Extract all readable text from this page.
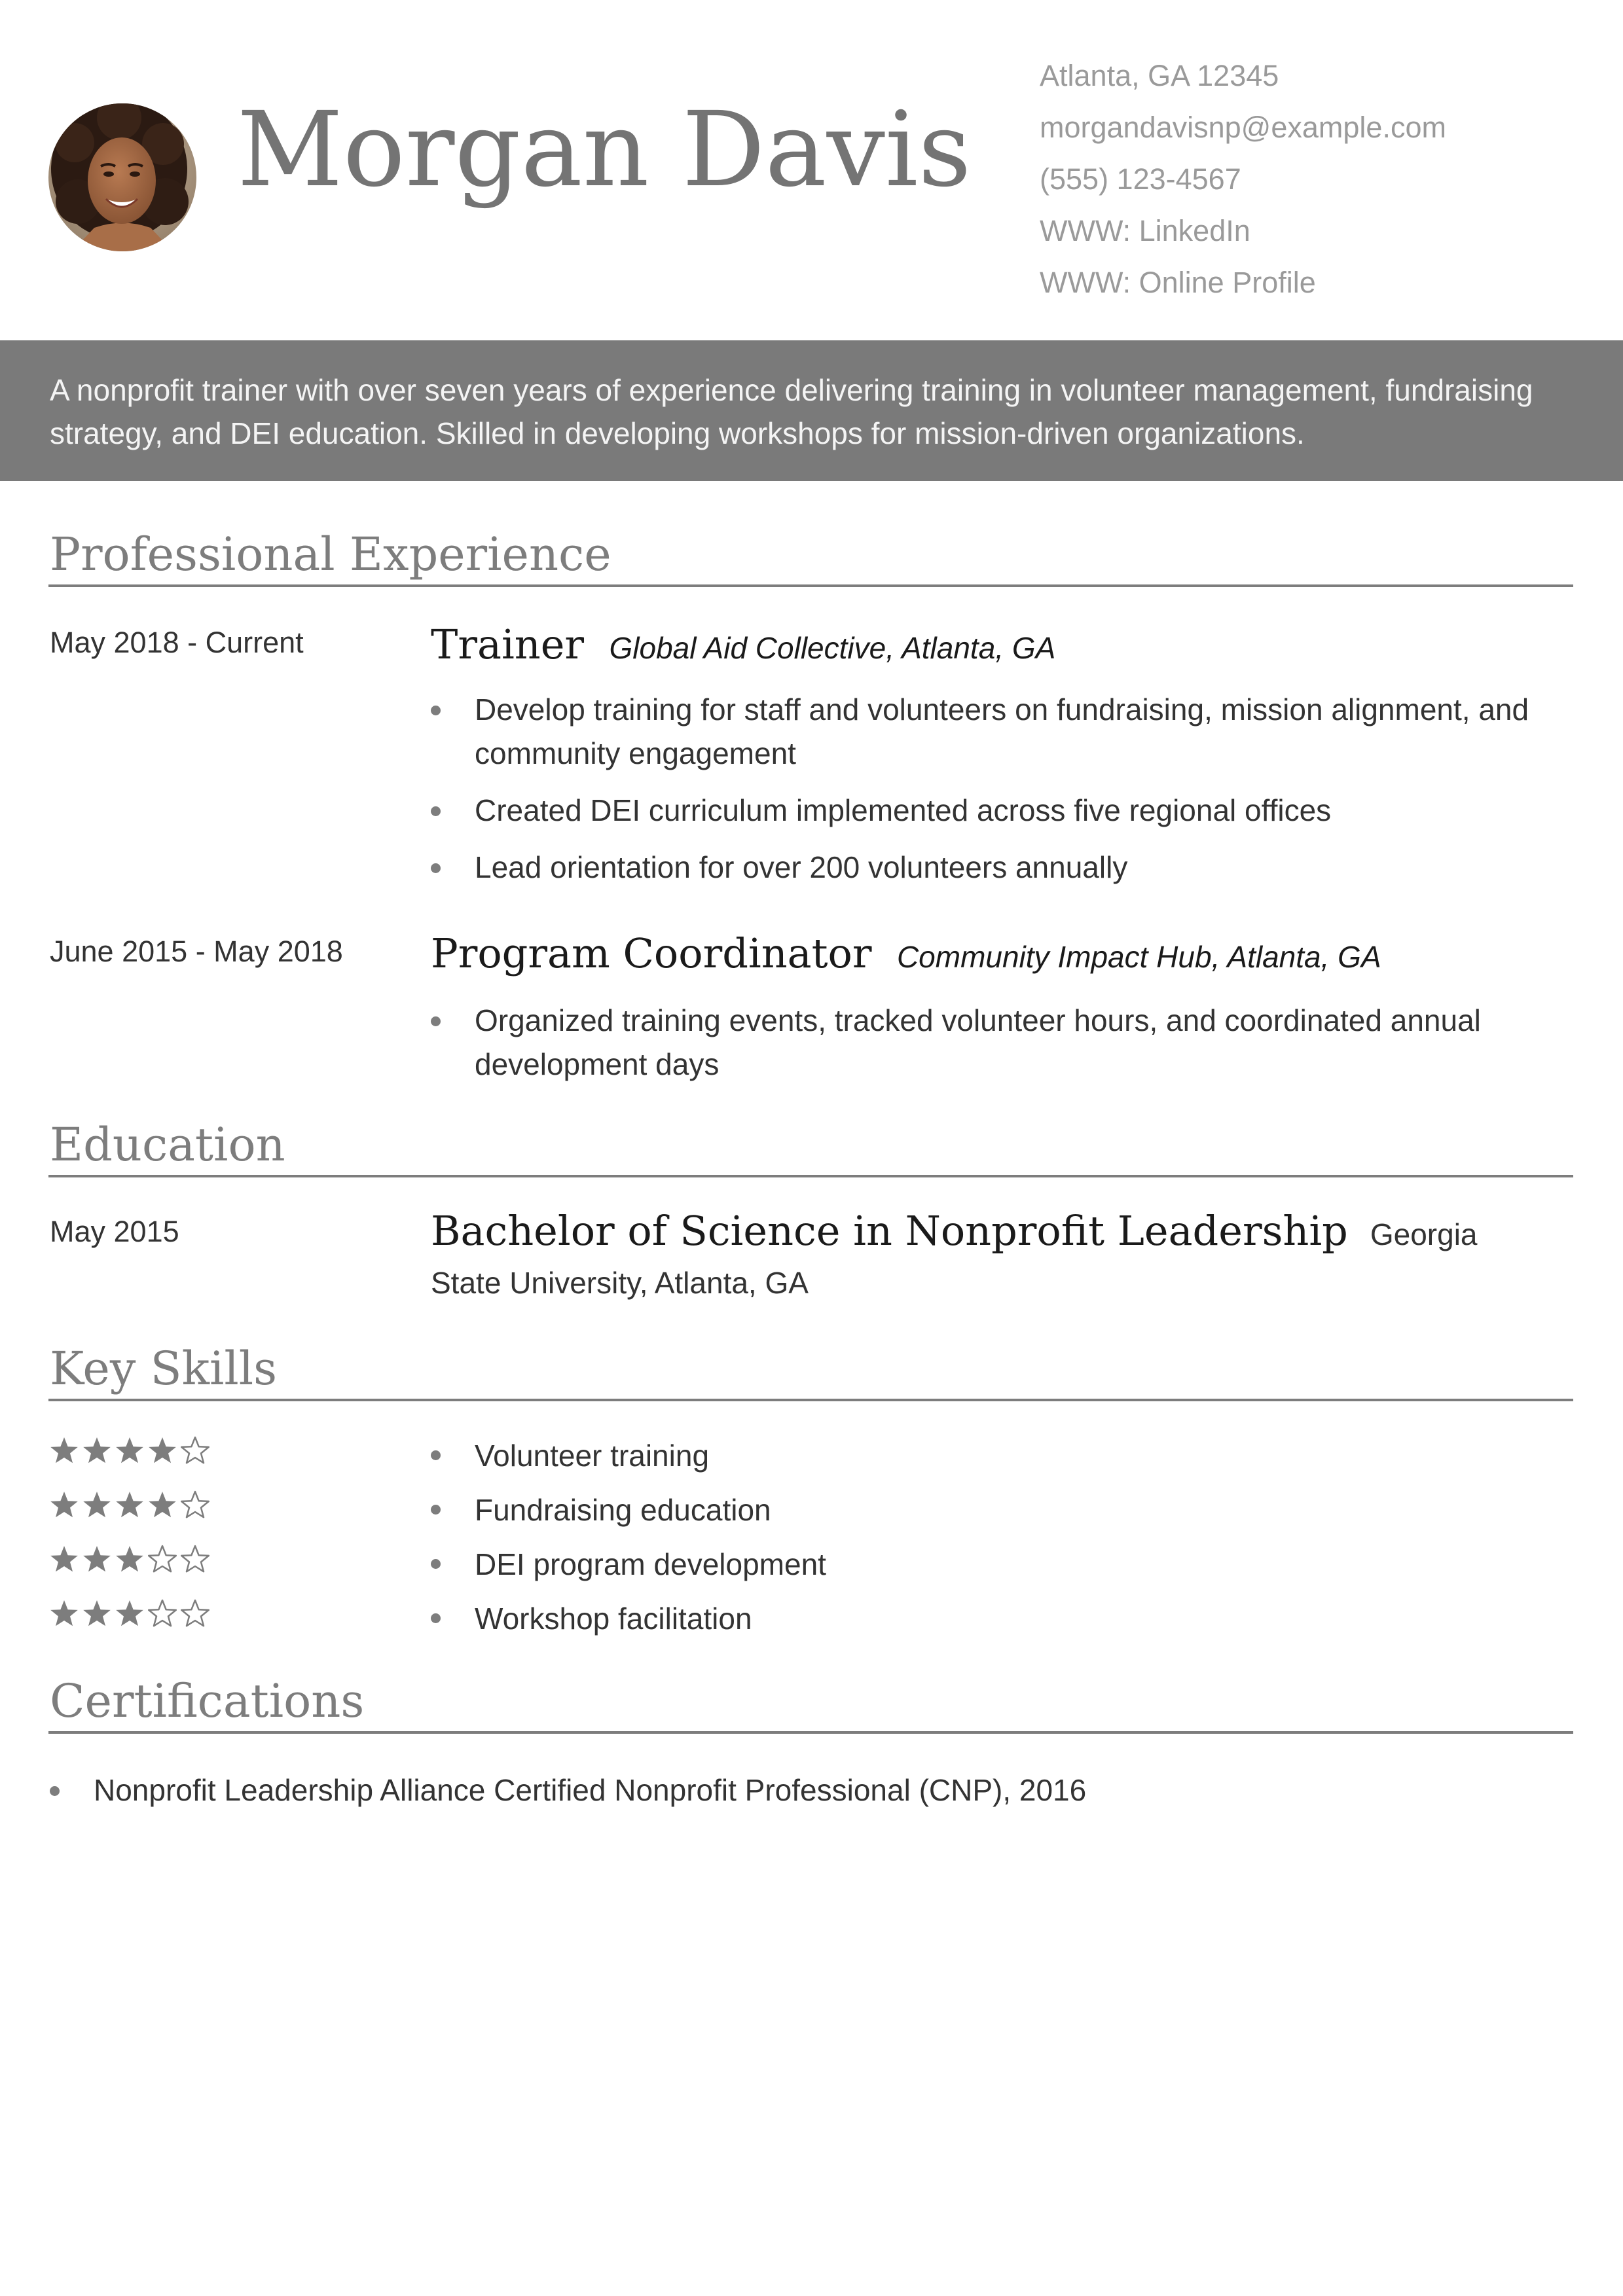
Morgan Davis
Atlanta, GA 12345
morgandavisnp@example.com
(555) 123-4567
WWW: LinkedIn
WWW: Online Profile

A nonprofit trainer with over seven years of experience delivering training in volunteer management, fundraising strategy, and DEI education. Skilled in developing workshops for mission-driven organizations.

Professional Experience
May 2018 - Current	Trainer Global Aid Collective, Atlanta, GA
Develop training for staff and volunteers on fundraising, mission alignment, and community engagement
Created DEI curriculum implemented across five regional offices
Lead orientation for over 200 volunteers annually
June 2015 - May 2018 Program Coordinator Community Impact Hub, Atlanta, GA
Organized training events, tracked volunteer hours, and coordinated annual development days
Education
May 2015	Bachelor of Science in Nonprofit Leadership Georgia State University, Atlanta, GA
Key Skills
Volunteer training
Fundraising education
DEI program development
Workshop facilitation
Certifications
Nonprofit Leadership Alliance Certified Nonprofit Professional (CNP), 2016
